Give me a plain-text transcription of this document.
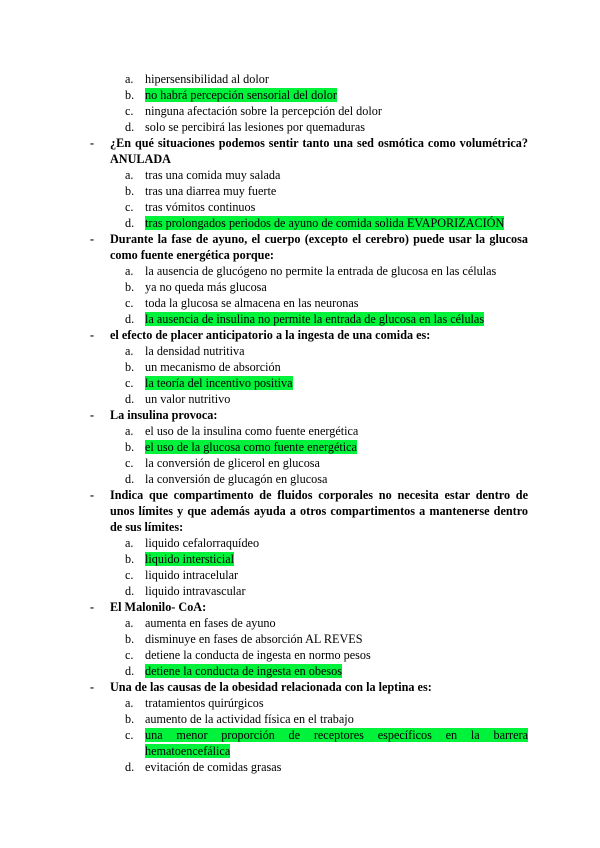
a. hipersensibilidad al dolor
b. no habrá percepción sensorial del dolor
c. ninguna afectación sobre la percepción del dolor
d. solo se percibirá las lesiones por quemaduras
- ¿En qué situaciones podemos sentir tanto una sed osmótica como volumétrica? ANULADA
a. tras una comida muy salada
b. tras una diarrea muy fuerte
c. tras vómitos continuos
d. tras prolongados periodos de ayuno de comida solida EVAPORIZACIÓN
- Durante la fase de ayuno, el cuerpo (excepto el cerebro) puede usar la glucosa como fuente energética porque:
a. la ausencia de glucógeno no permite la entrada de glucosa en las células
b. ya no queda más glucosa
c. toda la glucosa se almacena en las neuronas
d. la ausencia de insulina no permite la entrada de glucosa en las células
- el efecto de placer anticipatorio a la ingesta de una comida es:
a. la densidad nutritiva
b. un mecanismo de absorción
c. la teoría del incentivo positiva
d. un valor nutritivo
- La insulina provoca:
a. el uso de la insulina como fuente energética
b. el uso de la glucosa como fuente energética
c. la conversión de glicerol en glucosa
d. la conversión de glucagón en glucosa
- Indica que compartimento de fluidos corporales no necesita estar dentro de unos límites y que además ayuda a otros compartimentos a mantenerse dentro de sus límites:
a. liquido cefalorraquídeo
b. liquido intersticial
c. liquido intracelular
d. liquido intravascular
- El Malonilo- CoA:
a. aumenta en fases de ayuno
b. disminuye en fases de absorción AL REVES
c. detiene la conducta de ingesta en normo pesos
d. detiene la conducta de ingesta en obesos
- Una de las causas de la obesidad relacionada con la leptina es:
a. tratamientos quirúrgicos
b. aumento de la actividad física en el trabajo
c. una menor proporción de receptores específicos en la barrera hematoencefálica
d. evitación de comidas grasas
